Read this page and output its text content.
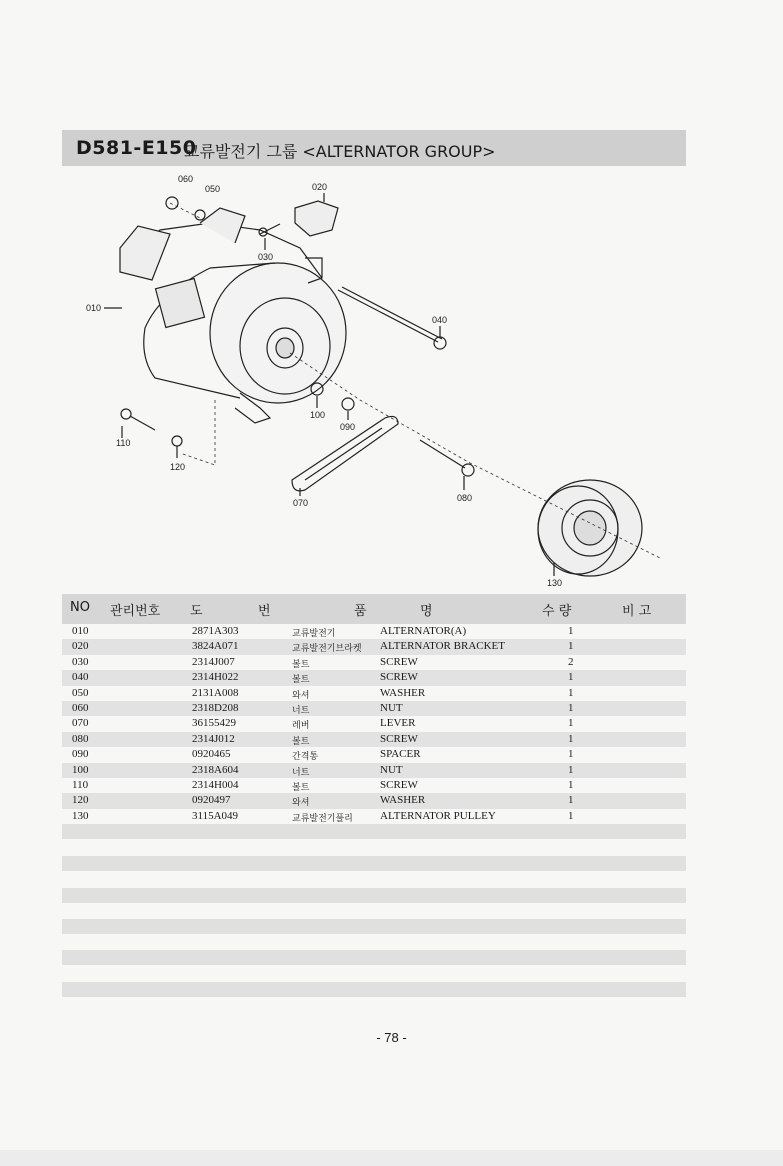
D581-E150
교류발전기 그룹 <ALTERNATOR GROUP>
060
050	020
030
010
040
100
090
110
120
070	080
130
NO 관리번호 도	번	품	명	수 량	비 고
010	2871A303	교류발전기	ALTERNATOR(A)	1
020	3824A071	교류발전기브라켓 ALTERNATOR BRACKET	1
030	2314J007	볼트	SCREW	2
040	2314H022	볼트	SCREW	1
050	2131A008	와셔	WASHER	1
060	2318D208	너트	NUT	1
070	36155429	레버	LEVER	1
080	2314J012	볼트	SCREW	1
090	0920465	간격통	SPACER	1
100	2318A604	너트	NUT	1
110	2314H004	볼트	SCREW	1
120	0920497	와셔	WASHER	1
130	3115A049	교류발전기풀리 ALTERNATOR PULLEY	1
- 78 -
